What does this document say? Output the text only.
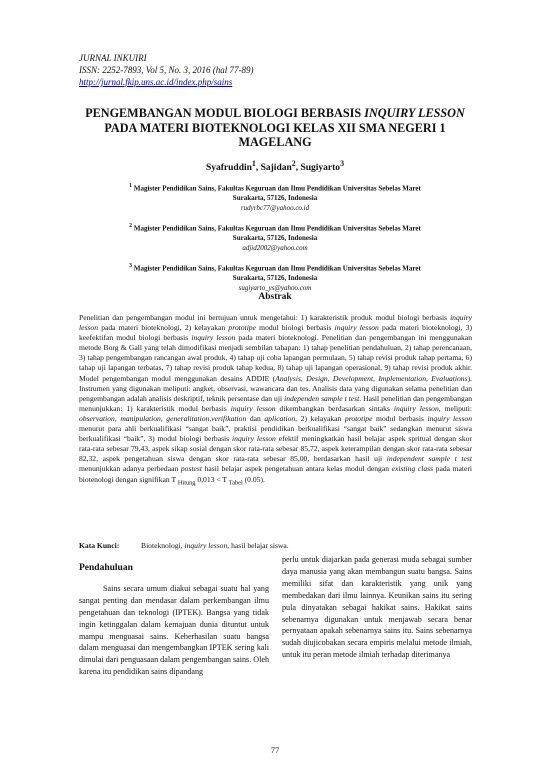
JURNAL INKUIRI
ISSN: 2252-7893, Vol 5, No. 3, 2016 (hal 77-89)
http://jurnal.fkip.uns.ac.id/index.php/sains
PENGEMBANGAN MODUL BIOLOGI BERBASIS INQUIRY LESSON
PADA MATERI BIOTEKNOLOGI KELAS XII SMA NEGERI 1 MAGELANG
Syafruddin$^1$, Sajidan$^2$, Sugiyarto$^3$
$^1$ Magister Pendidikan Sains, Fakultas Keguruan dan Ilmu Pendidikan Universitas Sebelas Maret
Surakarta, 57126, Indonesia
rudyrbc77@yahoo.co.id
$^2$ Magister Pendidikan Sains, Fakultas Keguruan dan Ilmu Pendidikan Universitas Sebelas Maret
Surakarta, 57126, Indonesia
adjid2002@yahoo.com
$^3$ Magister Pendidikan Sains, Fakultas Keguruan dan Ilmu Pendidikan Universitas Sebelas Maret
Surakarta, 57126, Indonesia
sugiyarto_ys@yahoo.com
Abstrak
Penelitian dan pengembangan modul ini bertujuan untuk mengetahui: 1) karakteristik produk modul biologi berbasis inquiry lesson pada materi bioteknologi, 2) kelayakan prototipe modul biologi berbasis inquiry lesson pada materi bioteknologi, 3) keefektifan modul biologi berbasis inquiry lesson pada materi bioteknologi. Penelitian dan pengembangan ini menggunakan metode Borg & Gall yang telah dimodifikasi menjadi sembilan tahapan: 1) tahap penelitian pendahuluan, 2) tahap perencanaan, 3) tahap pengembangan rancangan awal produk, 4) tahap uji coba lapangan permulaan, 5) tahap revisi produk tahap pertama, 6) tahap uji lapangan terbatas, 7) tahap revisi produk tahap kedua, 8) tahap uji lapangan operasional, 9) tahap revisi produk akhir. Model pengembangan modul menggunakan desains ADDIE (Analysis, Design, Development, Implementation, Evaluations). Instrumen yang digunakan meliputi: angket, observasi, wawancara dan tes. Analisis data yang digunakan selama penelitian dan pengembangan adalah analisis deskriptif, teknik persentase dan uji independen sample t test. Hasil penelitian dan pengembangan menunjukkan: 1) karakteristik modul berbasis inquiry lesson dikembangkan berdasarkan sintaks inquiry lesson, meliputi: observation, manipulation, generalitation,verifikation dan aplication, 2) kelayakan prototipe modul berbasis inquiry lesson menurut para ahli berkualifikasi “sangat baik”, praktisi pendidikan berkualifikasi “sangat baik” sedangkan menurut siswa berkualifikasi “baik”, 3) modul biologi berbasis inquiry lesson efektif meningkatkan hasil belajar aspek spritual dengan skor rata-rata sebesar 79,43, aspek sikap sosial dengan skor rata-rata sebesar 85,72, aspek keterampilan dengan skor rata-rata sebesar 82,32, aspek pengetahuan siswa dengan skor rata-rata sebesar 85,00, berdasarkan hasil uji independent sample t test menunjukkan adanya perbedaan postest hasil belajar aspek pengetahuan antara kelas modul dengan existing class pada materi biotenologi dengan signifikan T $_{Hitung}$ 0,013 < T $_{Tabel}$ (0.05).
Kata Kunci:	Bioteknologi, inquiry lesson, hasil belajar siswa.
Pendahuluan

Sains secara umum diakui sebagai suatu hal yang sangat penting dan mendasar dalam perkembangan ilmu pengetahuan dan teknologi (IPTEK). Bangsa yang tidak ingin ketinggalan dalam kemajuan dunia dituntut untuk mampu menguasai sains. Keberhasilan suatu bangsa dalam menguasai dan mengembangkan IPTEK sering kali dimulai dari penguasaan dalam pengembangan sains. Oleh karena itu pendidikan sains dipandang

perlu untuk diajarkan pada generasi muda sebagai sumber daya manusia yang akan membangun suatu bangsa. Sains memiliki sifat dan karakteristik yang unik yang membedakan dari ilmu lainnya. Keunikan sains itu sering pula dinyatakan sebagai hakikat sains. Hakikat sains sebenarnya digunakan untuk menjawab secara benar pernyataan apakah sebenarnya sains itu. Sains sebenarnya sudah diujicobakan secara empiris melalui metode ilmiah, untuk itu peran metode ilmiah terhadap diterimanya

77
